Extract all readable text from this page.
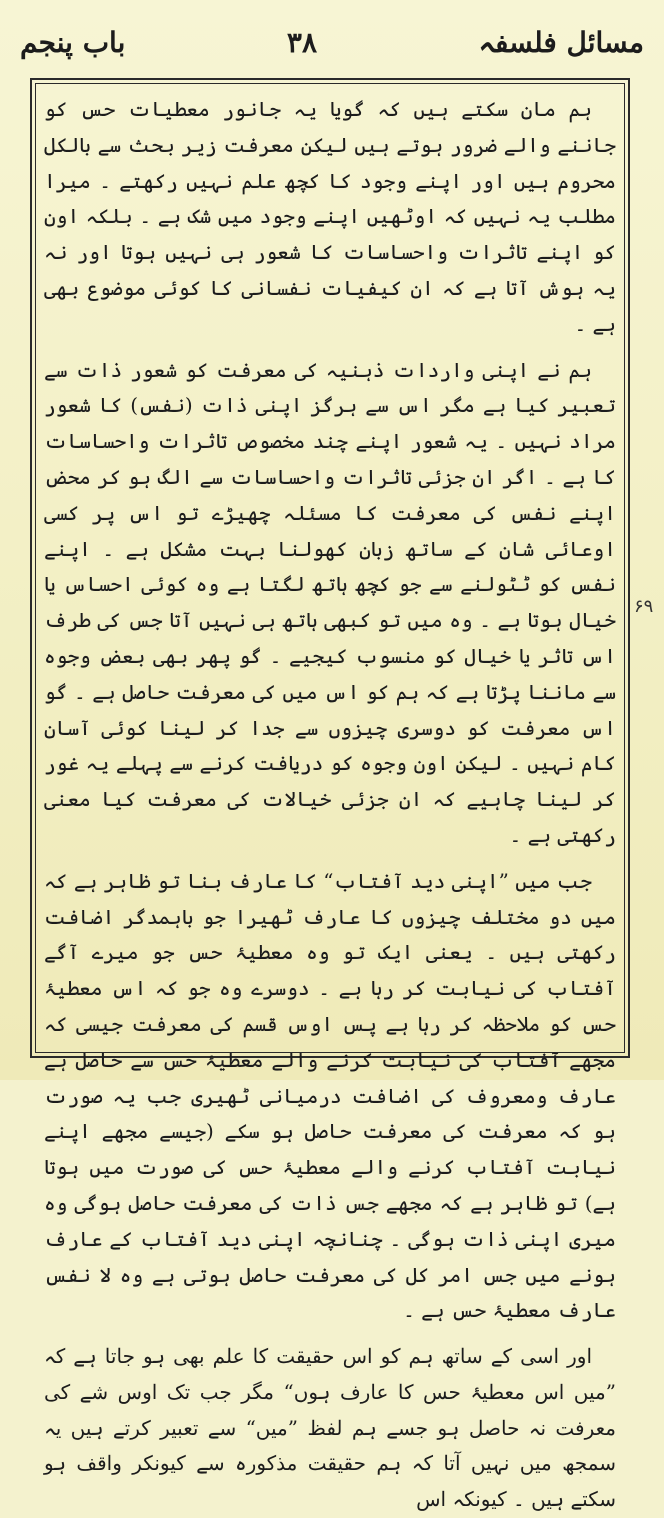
باب پنجم	۳۸	مسائل فلسفہ

ہم مان سکتے ہیں کہ گویا یہ جانور معطیات حس کو جاننے والے ضرور ہوتے ہیں لیکن معرفت زیر بحث سے بالکل محروم ہیں اور اپنے وجود کا کچھ علم نہیں رکھتے ۔ میرا مطلب یہ نہیں کہ اوٹھیں اپنے وجود میں شک ہے ۔ بلکہ اون کو اپنے تاثرات واحساسات کا شعور ہی نہیں ہوتا اور نہ یہ ہوش آتا ہے کہ ان کیفیات نفسانی کا کوئی موضوع بھی ہے ۔

ہم نے اپنی واردات ذہنیہ کی معرفت کو شعور ذات سے تعبیر کیا ہے مگر اس سے ہرگز اپنی ذات (نفس) کا شعور مراد نہیں ۔ یہ شعور اپنے چند مخصوص تاثرات واحساسات کا ہے ۔ اگر ان جزئی تاثرات واحساسات سے الگ ہو کر محض اپنے نفس کی معرفت کا مسئلہ چھیڑے تو اس پر کسی اوعائی شان کے ساتھ زبان کھولنا بہت مشکل ہے ۔ اپنے نفس کو ٹٹولنے سے جو کچھ ہاتھ لگتا ہے وہ کوئی احساس یا خیال ہوتا ہے ۔ وہ میں تو کبھی ہاتھ ہی نہیں آتا جس کی طرف اس تاثر یا خیال کو منسوب کیجیے ۔ گو پھر بھی بعض وجوہ سے ماننا پڑتا ہے کہ ہم کو اس میں کی معرفت حاصل ہے ۔ گو اس معرفت کو دوسری چیزوں سے جدا کر لینا کوئی آسان کام نہیں ۔ لیکن اون وجوہ کو دریافت کرنے سے پہلے یہ غور کر لینا چاہیے کہ ان جزئی خیالات کی معرفت کیا معنی رکھتی ہے ۔

جب میں ”اپنی دید آفتاب“ کا عارف بنا تو ظاہر ہے کہ میں دو مختلف چیزوں کا عارف ٹھیرا جو باہمدگر اضافت رکھتی ہیں ۔ یعنی ایک تو وہ معطیۂ حس جو میرے آگے آفتاب کی نیابت کر رہا ہے ۔ دوسرے وہ جو کہ اس معطیۂ حس کو ملاحظہ کر رہا ہے پس اوس قسم کی معرفت جیسی کہ مجھے آفتاب کی نیابت کرنے والے معطیۂ حس سے حاصل ہے عارف ومعروف کی اضافت درمیانی ٹھیری جب یہ صورت ہو کہ معرفت کی معرفت حاصل ہو سکے (جیسے مجھے اپنے نیابت آفتاب کرنے والے معطیۂ حس کی صورت میں ہوتا ہے) تو ظاہر ہے کہ مجھے جس ذات کی معرفت حاصل ہوگی وہ میری اپنی ذات ہوگی ۔ چنانچہ اپنی دید آفتاب کے عارف ہونے میں جس امر کل کی معرفت حاصل ہوتی ہے وہ لا نفس عارف معطیۂ حس ہے ۔

اور اسی کے ساتھ ہم کو اس حقیقت کا علم بھی ہو جاتا ہے کہ ”میں اس معطیۂ حس کا عارف ہوں“ مگر جب تک اوس شے کی معرفت نہ حاصل ہو جسے ہم لفظ ”میں“ سے تعبیر کرتے ہیں یہ سمجھ میں نہیں آتا کہ ہم حقیقت مذکورہ سے کیونکر واقف ہو سکتے ہیں ۔ کیونکہ اس

۶۹
